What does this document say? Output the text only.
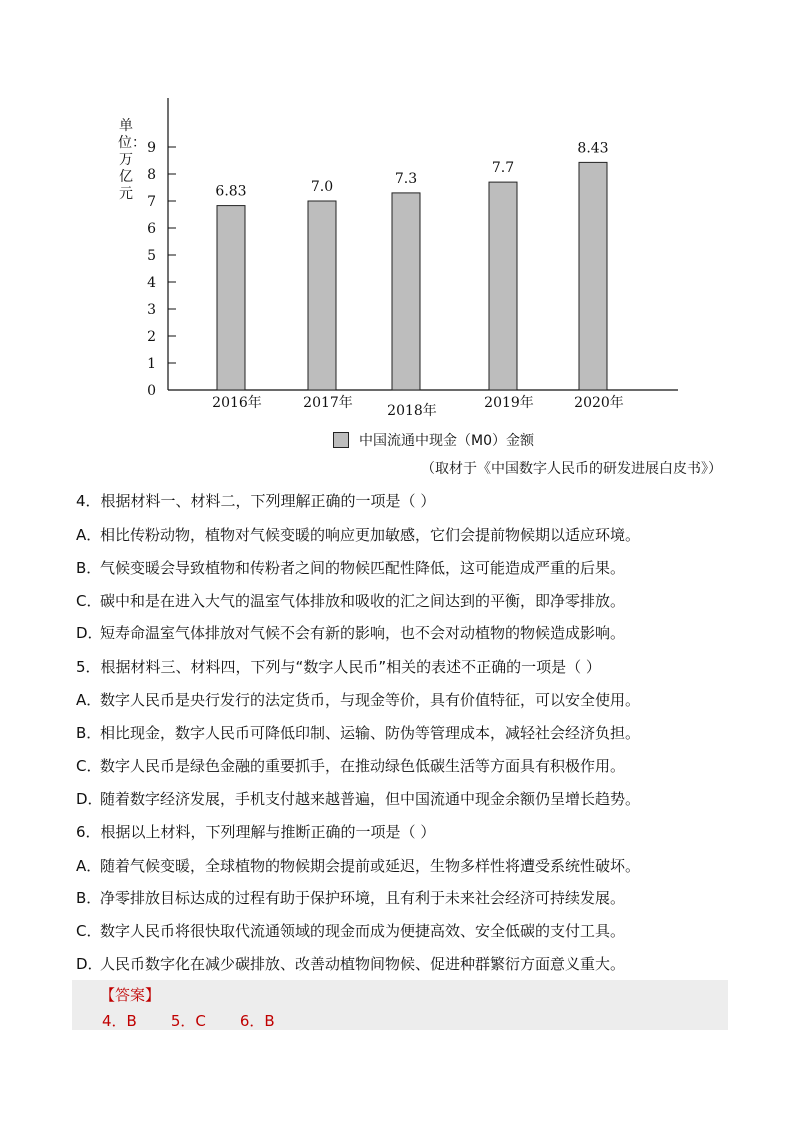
0
1
2
3
4
5
6
7
8
9
6.83
2016年
7.0
2017年
7.3
2018年
7.7
2019年
8.43
2020年
单位：万亿元
中国流通中现金（M0）金额
（取材于《中国数字人民币的研发进展白皮书》）
4．根据材料一、材料二，下列理解正确的一项是（ ）
A．相比传粉动物，植物对气候变暖的响应更加敏感，它们会提前物候期以适应环境。
B．气候变暖会导致植物和传粉者之间的物候匹配性降低，这可能造成严重的后果。
C．碳中和是在进入大气的温室气体排放和吸收的汇之间达到的平衡，即净零排放。
D．短寿命温室气体排放对气候不会有新的影响，也不会对动植物的物候造成影响。
5．根据材料三、材料四，下列与“数字人民币”相关的表述不正确的一项是（ ）
A．数字人民币是央行发行的法定货币，与现金等价，具有价值特征，可以安全使用。
B．相比现金，数字人民币可降低印制、运输、防伪等管理成本，减轻社会经济负担。
C．数字人民币是绿色金融的重要抓手，在推动绿色低碳生活等方面具有积极作用。
D．随着数字经济发展，手机支付越来越普遍，但中国流通中现金余额仍呈增长趋势。
6．根据以上材料，下列理解与推断正确的一项是（ ）
A．随着气候变暖，全球植物的物候期会提前或延迟，生物多样性将遭受系统性破坏。
B．净零排放目标达成的过程有助于保护环境，且有利于未来社会经济可持续发展。
C．数字人民币将很快取代流通领域的现金而成为便捷高效、安全低碳的支付工具。
D．人民币数字化在减少碳排放、改善动植物间物候、促进种群繁衍方面意义重大。
【答案】
4．B 5．C 6．B
